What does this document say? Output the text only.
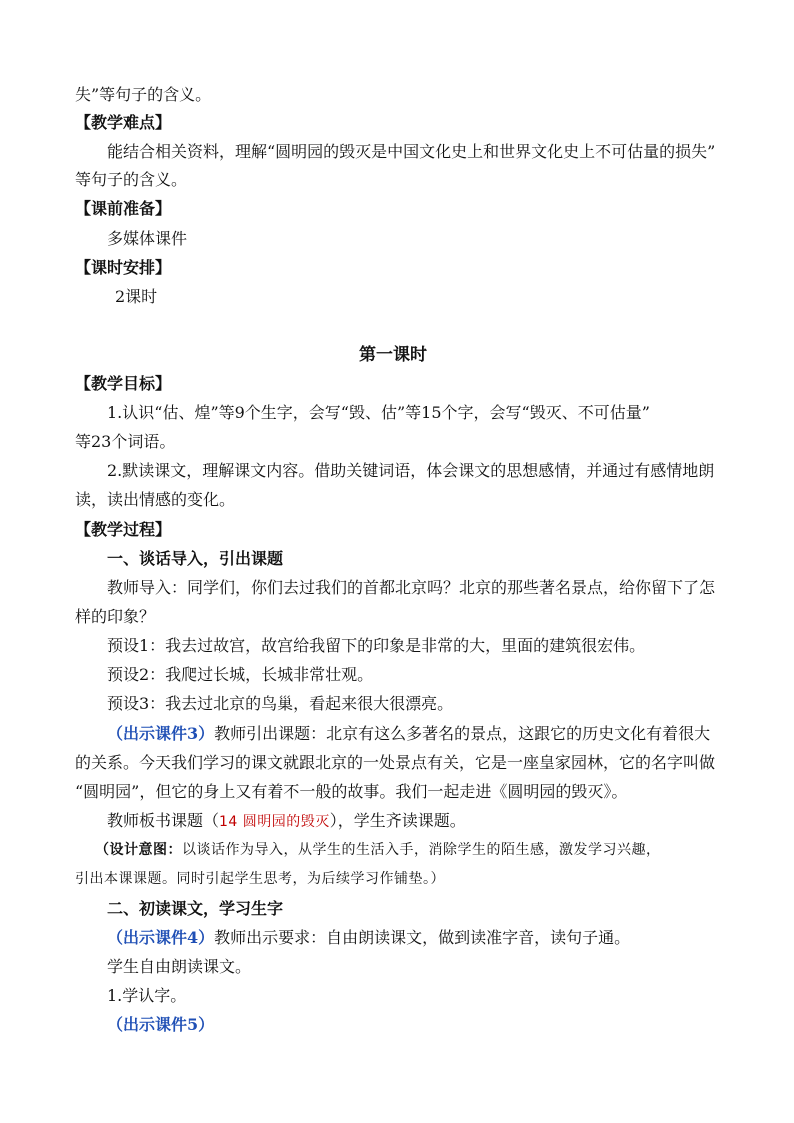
失”等句子的含义。
【教学难点】
能结合相关资料，理解“圆明园的毁灭是中国文化史上和世界文化史上不可估量的损失”
等句子的含义。
【课前准备】
多媒体课件
【课时安排】
2课时
第一课时
【教学目标】
1.认识“估、煌”等9个生字，会写“毁、估”等15个字，会写“毁灭、不可估量”
等23个词语。
2.默读课文，理解课文内容。借助关键词语，体会课文的思想感情，并通过有感情地朗
读，读出情感的变化。
【教学过程】
一、谈话导入，引出课题
教师导入：同学们，你们去过我们的首都北京吗？北京的那些著名景点，给你留下了怎
样的印象？
预设1：我去过故宫，故宫给我留下的印象是非常的大，里面的建筑很宏伟。
预设2：我爬过长城，长城非常壮观。
预设3：我去过北京的鸟巢，看起来很大很漂亮。
（出示课件3）教师引出课题：北京有这么多著名的景点，这跟它的历史文化有着很大
的关系。今天我们学习的课文就跟北京的一处景点有关，它是一座皇家园林，它的名字叫做
“圆明园”，但它的身上又有着不一般的故事。我们一起走进《圆明园的毁灭》。
教师板书课题（14 圆明园的毁灭），学生齐读课题。
（设计意图：以谈话作为导入，从学生的生活入手，消除学生的陌生感，激发学习兴趣，
引出本课课题。同时引起学生思考，为后续学习作铺垫。）
二、初读课文，学习生字
（出示课件4）教师出示要求：自由朗读课文，做到读准字音，读句子通。
学生自由朗读课文。
1.学认字。
（出示课件5）
